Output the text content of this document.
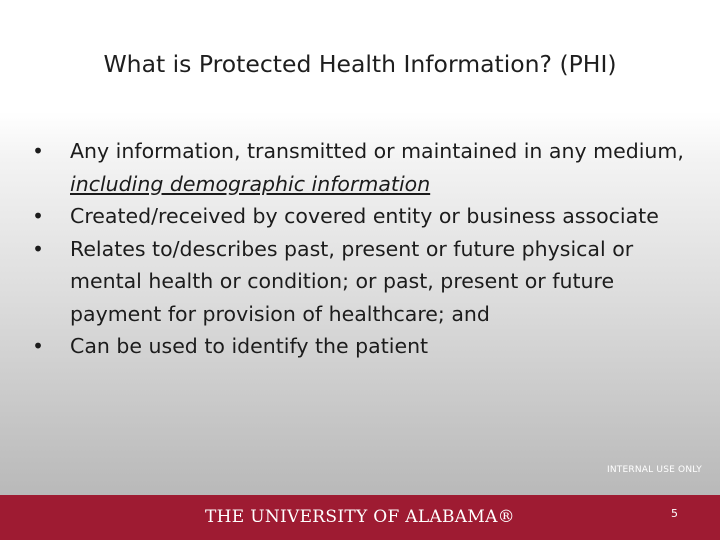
What is Protected Health Information? (PHI)
• Any information, transmitted or maintained in any medium, including demographic information
• Created/received by covered entity or business associate
• Relates to/describes past, present or future physical or mental health or condition; or past, present or future payment for provision of healthcare; and
• Can be used to identify the patient
INTERNAL USE ONLY
THE UNIVERSITY OF ALABAMA®	5
